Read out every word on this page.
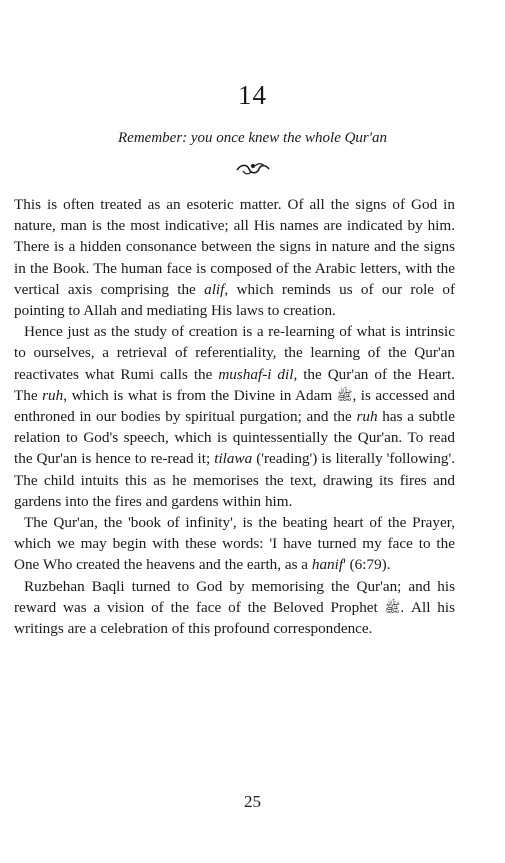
14
Remember: you once knew the whole Qur'an

This is often treated as an esoteric matter. Of all the signs of God in nature, man is the most indicative; all His names are indicated by him. There is a hidden consonance between the signs in nature and the signs in the Book. The human face is composed of the Arabic letters, with the vertical axis comprising the alif, which reminds us of our role of pointing to Allah and mediating His laws to creation.

Hence just as the study of creation is a re-learning of what is intrinsic to ourselves, a retrieval of referentiality, the learning of the Qur'an reactivates what Rumi calls the mushaf-i dil, the Qur'an of the Heart. The ruh, which is what is from the Divine in Adam ﷺ, is accessed and enthroned in our bodies by spiritual purgation; and the ruh has a subtle relation to God's speech, which is quintessentially the Qur'an. To read the Qur'an is hence to re-read it; tilawa ('reading') is literally 'following'. The child intuits this as he memorises the text, drawing its fires and gardens into the fires and gardens within him.

The Qur'an, the 'book of infinity', is the beating heart of the Prayer, which we may begin with these words: 'I have turned my face to the One Who created the heavens and the earth, as a hanif' (6:79).

Ruzbehan Baqli turned to God by memorising the Qur'an; and his reward was a vision of the face of the Beloved Prophet ﷺ. All his writings are a celebration of this profound correspondence.

25
